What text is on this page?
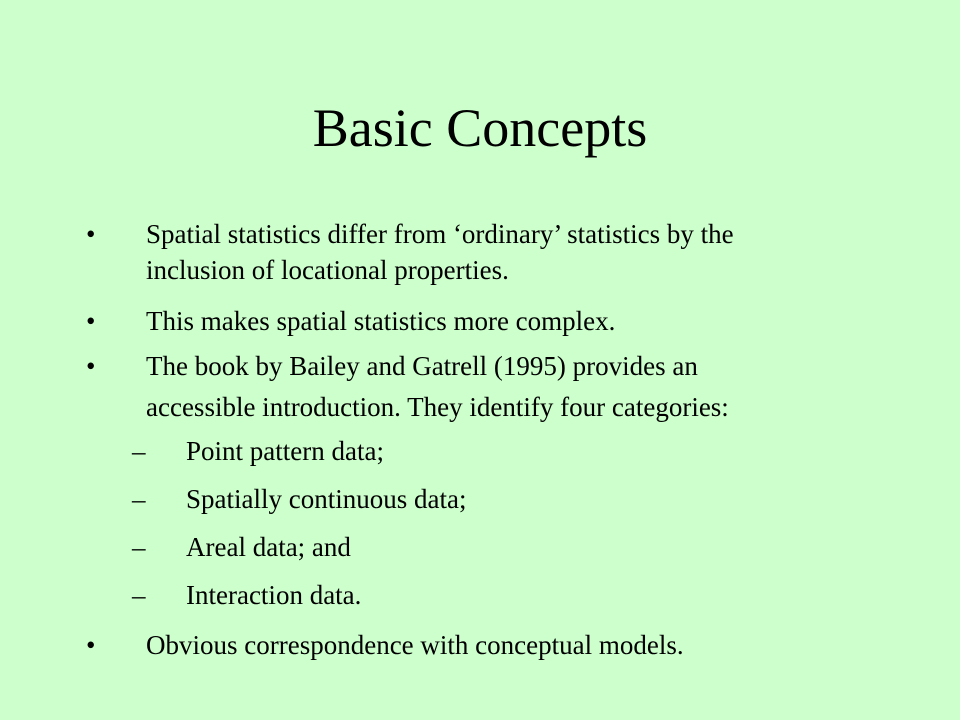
Basic Concepts
• Spatial statistics differ from ‘ordinary’ statistics by the
inclusion of locational properties.
• This makes spatial statistics more complex.
• The book by Bailey and Gatrell (1995) provides an
accessible introduction. They identify four categories:
– Point pattern data;
– Spatially continuous data;
– Areal data; and
– Interaction data.
• Obvious correspondence with conceptual models.
